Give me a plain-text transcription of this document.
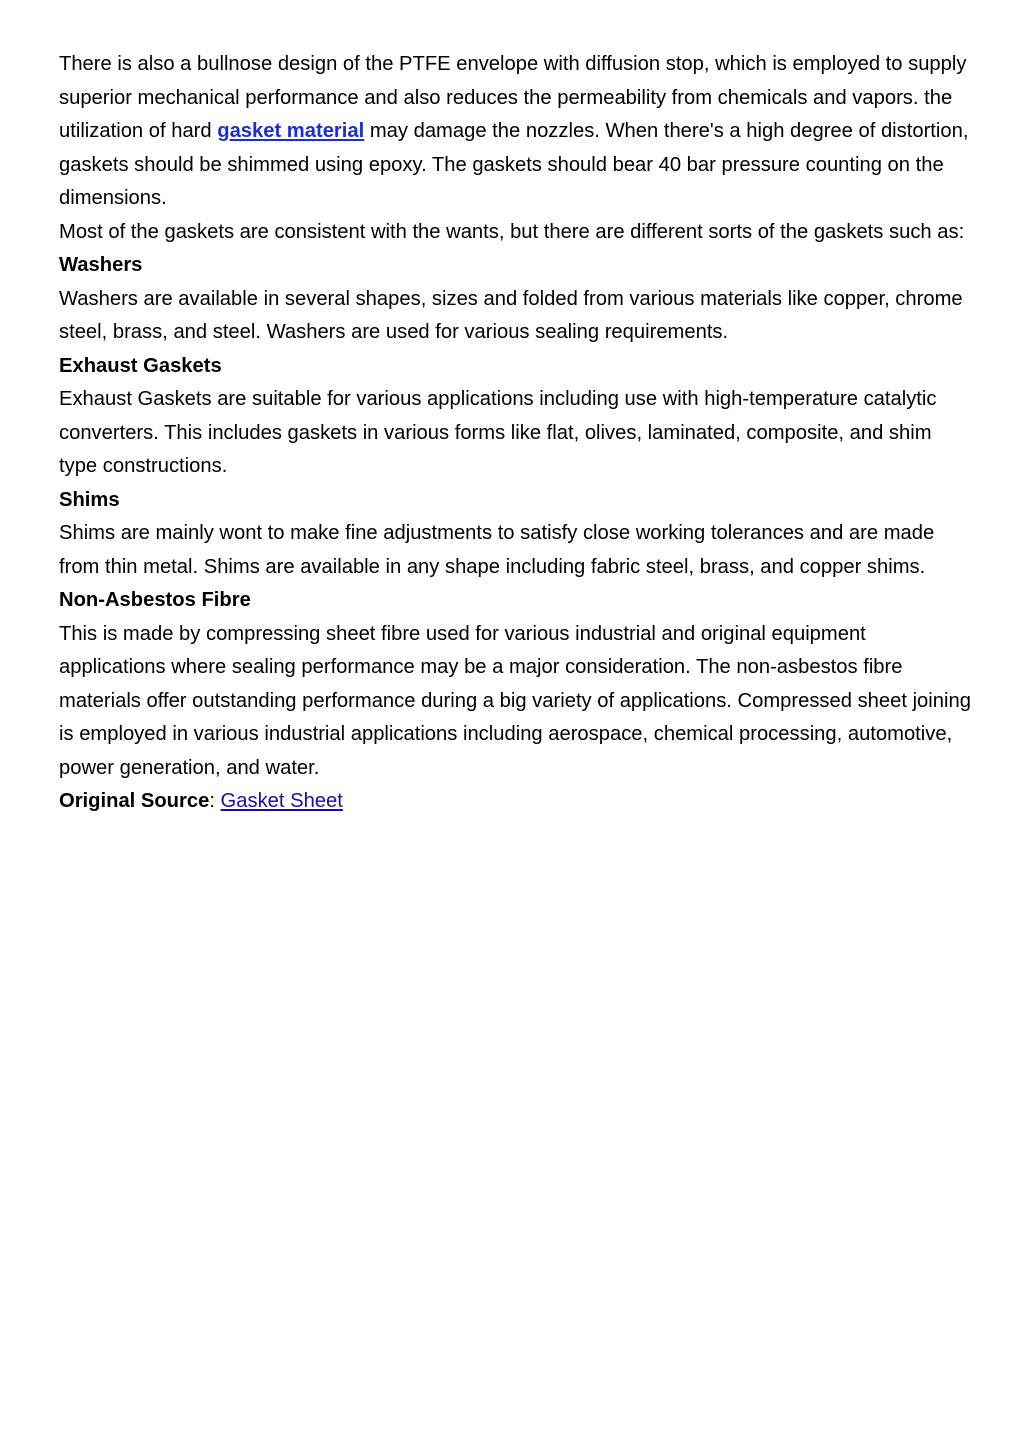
There is also a bullnose design of the PTFE envelope with diffusion stop, which is employed to supply superior mechanical performance and also reduces the permeability from chemicals and vapors. the utilization of hard gasket material may damage the nozzles. When there's a high degree of distortion, gaskets should be shimmed using epoxy. The gaskets should bear 40 bar pressure counting on the dimensions.

Most of the gaskets are consistent with the wants, but there are different sorts of the gaskets such as:

Washers

Washers are available in several shapes, sizes and folded from various materials like copper, chrome steel, brass, and steel. Washers are used for various sealing requirements.

Exhaust Gaskets

Exhaust Gaskets are suitable for various applications including use with high-temperature catalytic converters. This includes gaskets in various forms like flat, olives, laminated, composite, and shim type constructions.

Shims

Shims are mainly wont to make fine adjustments to satisfy close working tolerances and are made from thin metal. Shims are available in any shape including fabric steel, brass, and copper shims.

Non-Asbestos Fibre

This is made by compressing sheet fibre used for various industrial and original equipment applications where sealing performance may be a major consideration. The non-asbestos fibre materials offer outstanding performance during a big variety of applications. Compressed sheet joining is employed in various industrial applications including aerospace, chemical processing, automotive, power generation, and water.

Original Source: Gasket Sheet
